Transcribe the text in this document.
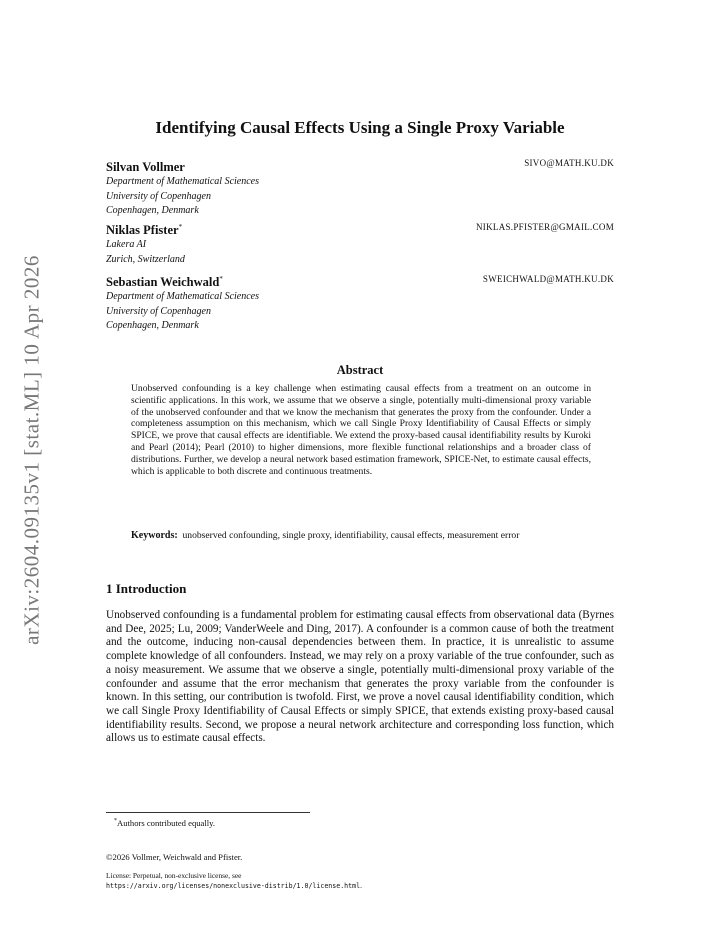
arXiv:2604.09135v1 [stat.ML] 10 Apr 2026
Identifying Causal Effects Using a Single Proxy Variable
Silvan Vollmer	SIVO@MATH.KU.DK
Department of Mathematical Sciences
University of Copenhagen
Copenhagen, Denmark
Niklas Pfister*	NIKLAS.PFISTER@GMAIL.COM
Lakera AI
Zurich, Switzerland
Sebastian Weichwald*	SWEICHWALD@MATH.KU.DK
Department of Mathematical Sciences
University of Copenhagen
Copenhagen, Denmark
Abstract
Unobserved confounding is a key challenge when estimating causal effects from a treatment on an outcome in scientific applications. In this work, we assume that we observe a single, potentially multi-dimensional proxy variable of the unobserved confounder and that we know the mechanism that generates the proxy from the confounder. Under a completeness assumption on this mechanism, which we call Single Proxy Identifiability of Causal Effects or simply SPICE, we prove that causal effects are identifiable. We extend the proxy-based causal identifiability results by Kuroki and Pearl (2014); Pearl (2010) to higher dimensions, more flexible functional relationships and a broader class of distributions. Further, we develop a neural network based estimation framework, SPICE-Net, to estimate causal effects, which is applicable to both discrete and continuous treatments.
Keywords: unobserved confounding, single proxy, identifiability, causal effects, measurement error
1 Introduction
Unobserved confounding is a fundamental problem for estimating causal effects from observational data (Byrnes and Dee, 2025; Lu, 2009; VanderWeele and Ding, 2017). A confounder is a common cause of both the treatment and the outcome, inducing non-causal dependencies between them. In practice, it is unrealistic to assume complete knowledge of all confounders. Instead, we may rely on a proxy variable of the true confounder, such as a noisy measurement. We assume that we observe a single, potentially multi-dimensional proxy variable of the confounder and assume that the error mechanism that generates the proxy variable from the confounder is known. In this setting, our contribution is twofold. First, we prove a novel causal identifiability condition, which we call Single Proxy Identifiability of Causal Effects or simply SPICE, that extends existing proxy-based causal identifiability results. Second, we propose a neural network architecture and corresponding loss function, which allows us to estimate causal effects.
*Authors contributed equally.
©2026 Vollmer, Weichwald and Pfister.
License: Perpetual, non-exclusive license, see
https://arxiv.org/licenses/nonexclusive-distrib/1.0/license.html.
